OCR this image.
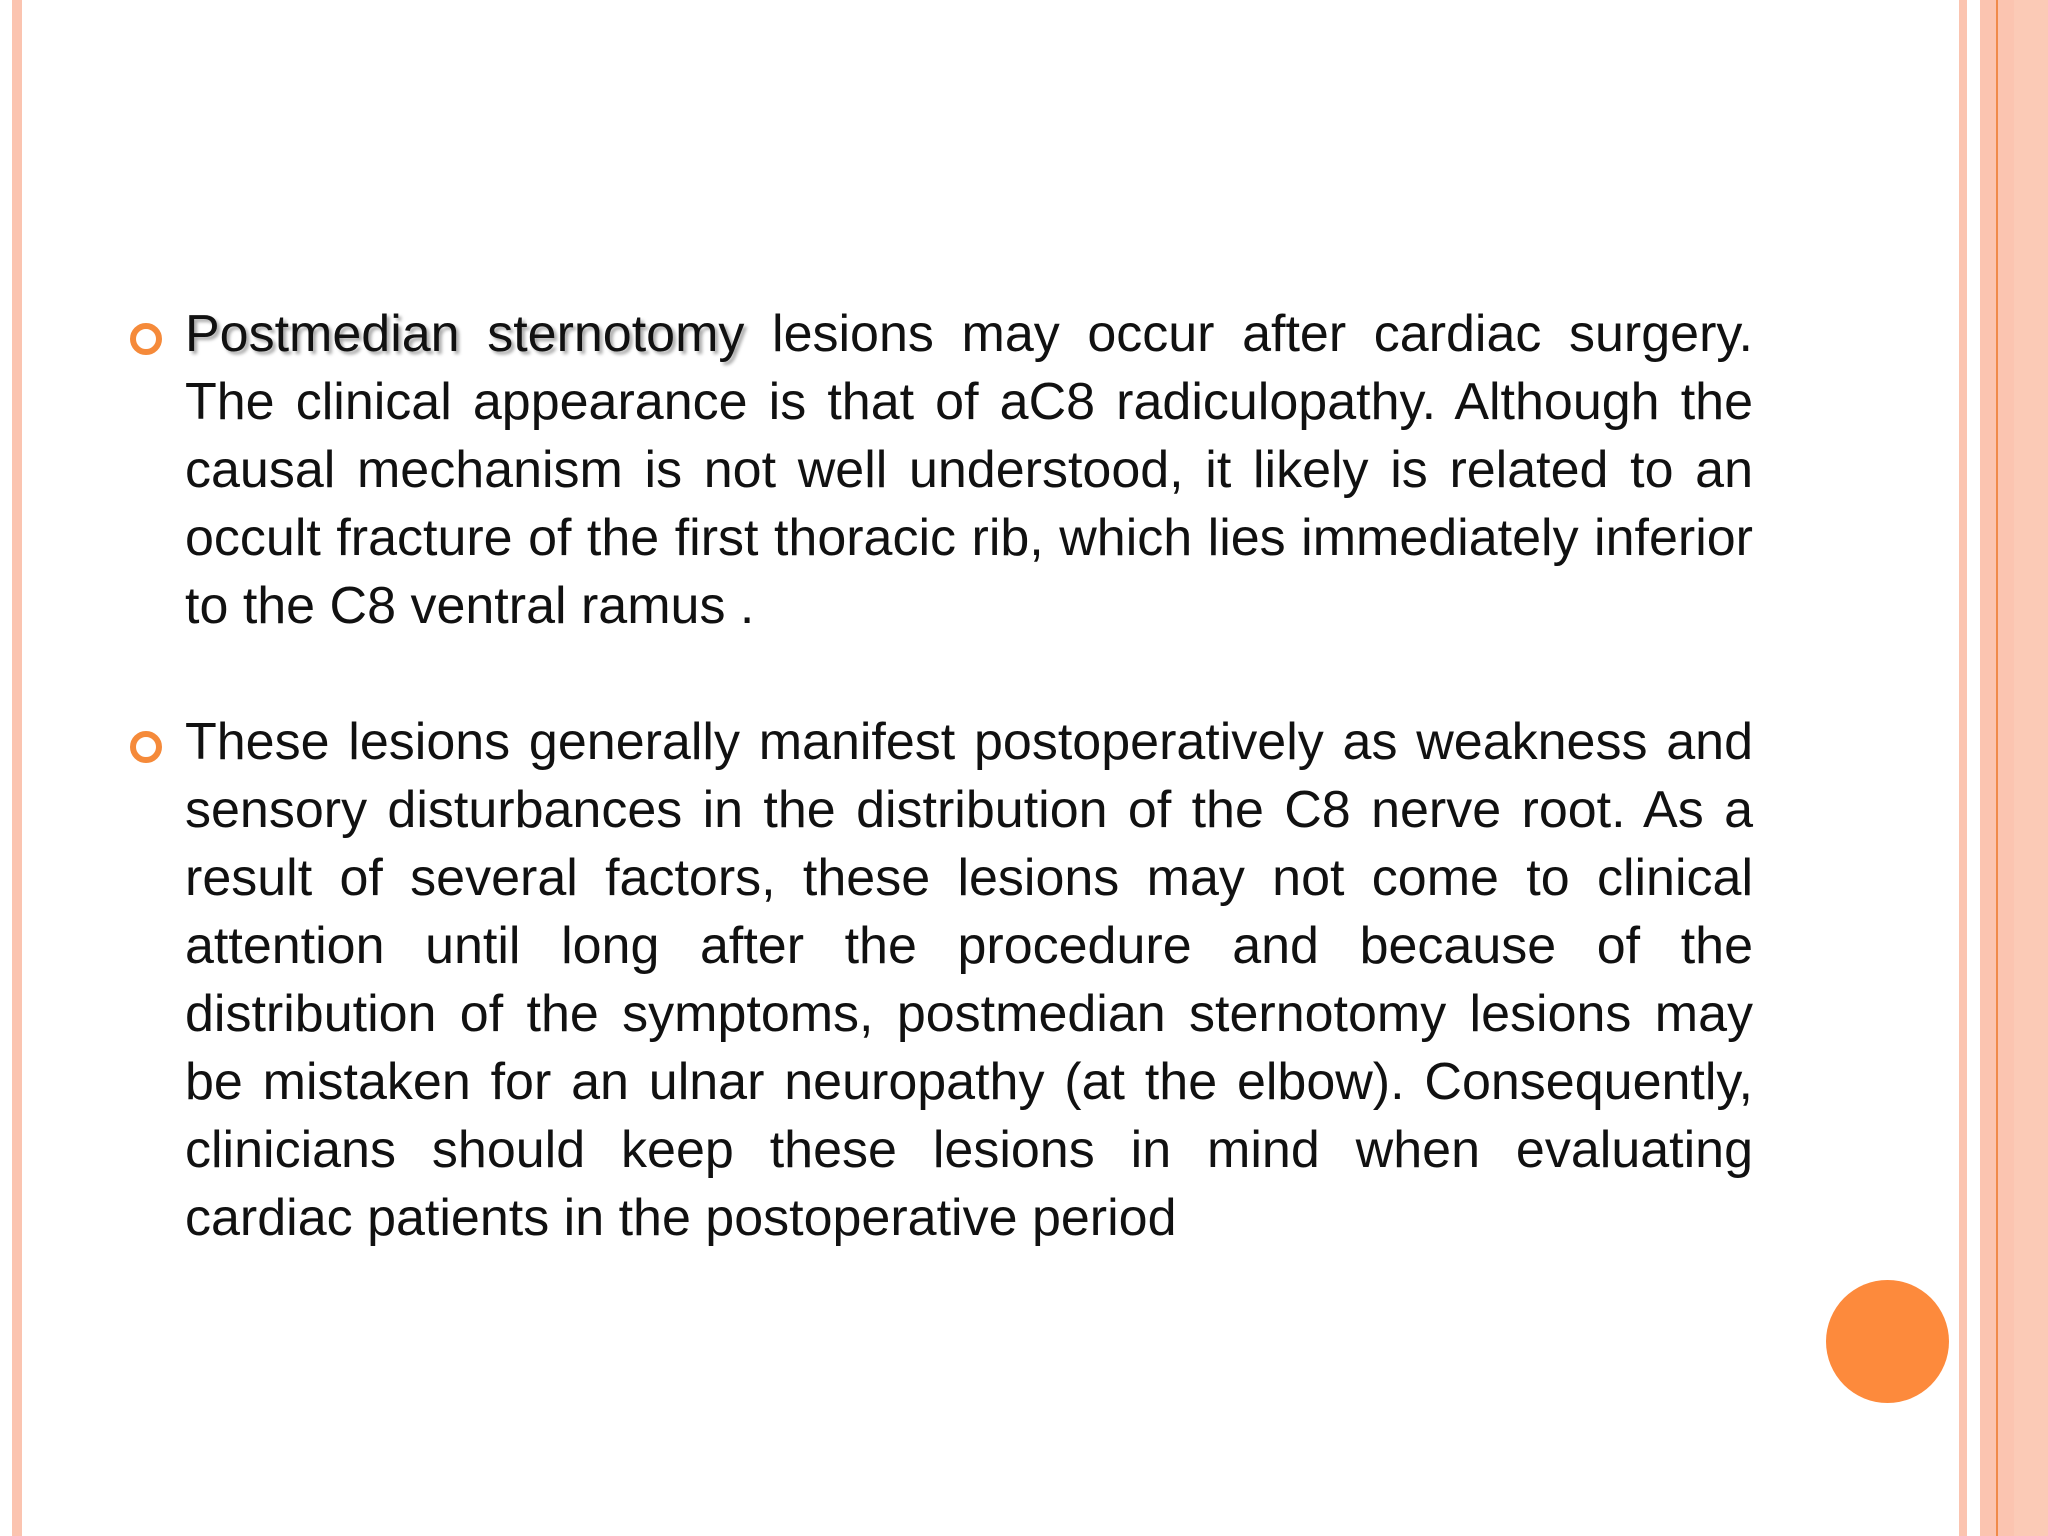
Postmedian sternotomy lesions may occur after cardiac surgery. The clinical appearance is that of aC8 radiculopathy. Although the causal mechanism is not well understood, it likely is related to an occult fracture of the first thoracic rib, which lies immediately inferior to the C8 ventral ramus .
These lesions generally manifest postoperatively as weakness and sensory disturbances in the distribution of the C8 nerve root. As a result of several factors, these lesions may not come to clinical attention until long after the procedure and because of the distribution of the symptoms, postmedian sternotomy lesions may be mistaken for an ulnar neuropathy (at the elbow). Consequently, clinicians should keep these lesions in mind when evaluating cardiac patients in the postoperative period
